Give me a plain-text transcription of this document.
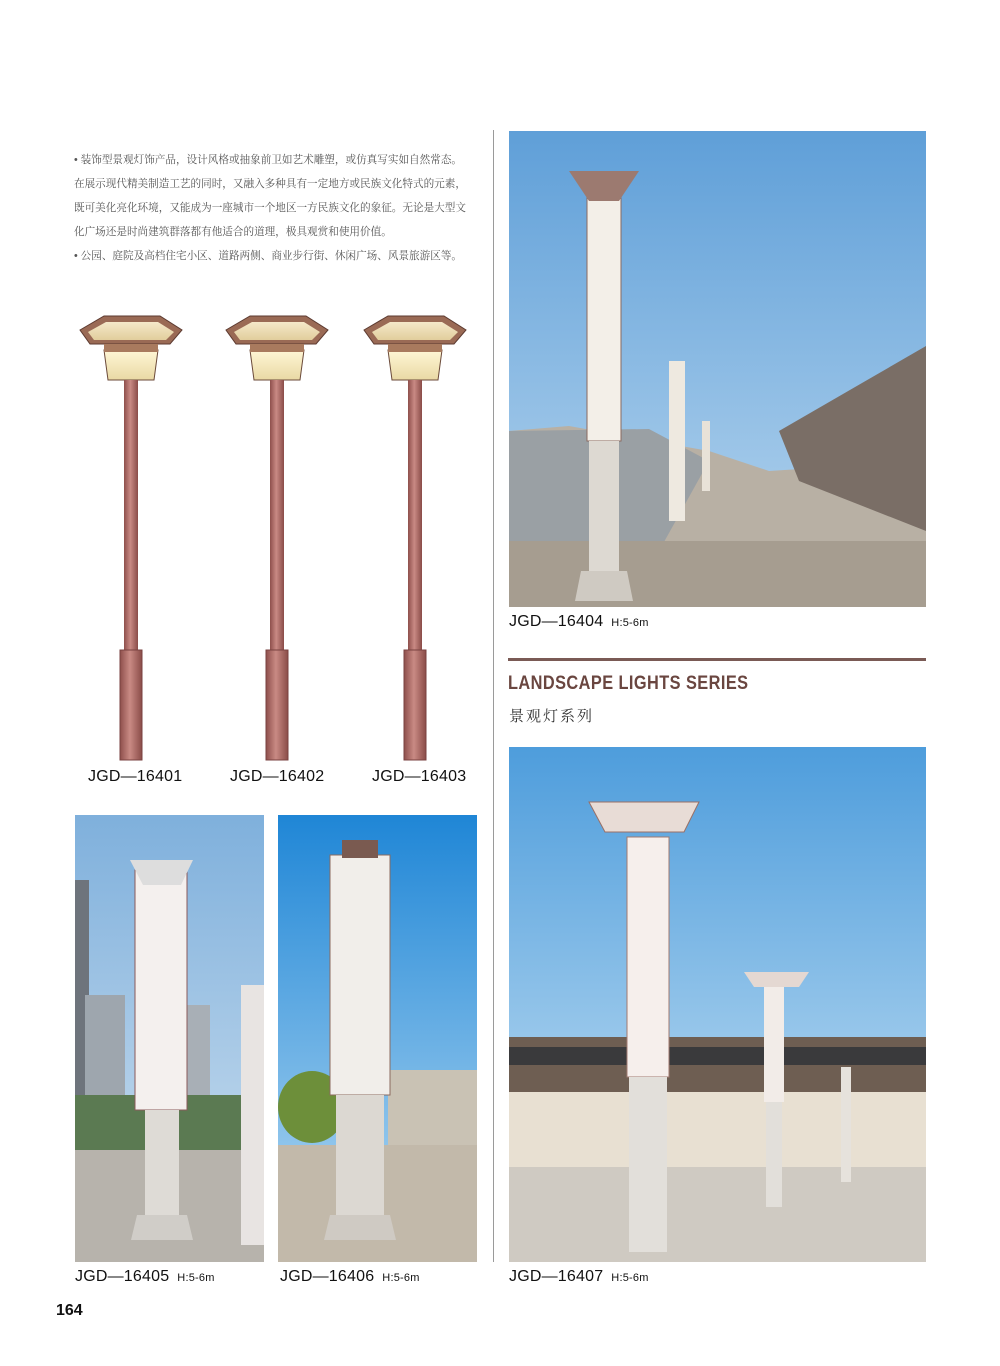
• 装饰型景观灯饰产品，设计风格或抽象前卫如艺术雕塑，或仿真写实如自然常态。

在展示现代精美制造工艺的同时，又融入多种具有一定地方或民族文化特式的元素，

既可美化亮化环境，又能成为一座城市一个地区一方民族文化的象征。无论是大型文

化广场还是时尚建筑群落都有他适合的道理，极具观赏和使用价值。

• 公园、庭院及高档住宅小区、道路两侧、商业步行街、休闲广场、风景旅游区等。

JGD—16401	JGD—16402	JGD—16403
JGD—16404 H:5-6m
LANDSCAPE LIGHTS SERIES
景观灯系列
JGD—16405 H:5-6m	JGD—16406 H:5-6m	JGD—16407 H:5-6m
164
